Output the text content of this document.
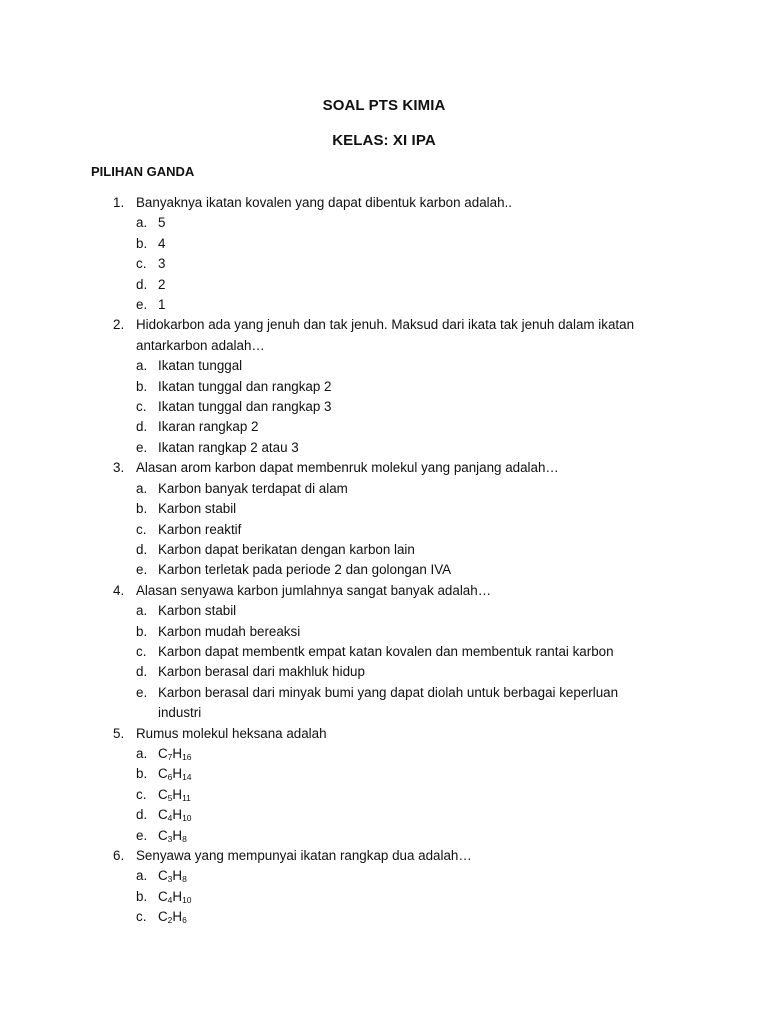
SOAL PTS KIMIA
KELAS: XI IPA
PILIHAN GANDA
1. Banyaknya ikatan kovalen yang dapat dibentuk karbon adalah..
a. 5
b. 4
c. 3
d. 2
e. 1
2. Hidokarbon ada yang jenuh dan tak jenuh. Maksud dari ikata tak jenuh dalam ikatan antarkarbon adalah…
a. Ikatan tunggal
b. Ikatan tunggal dan rangkap 2
c. Ikatan tunggal dan rangkap 3
d. Ikaran rangkap 2
e. Ikatan rangkap 2 atau 3
3. Alasan arom karbon dapat membenruk molekul yang panjang adalah…
a. Karbon banyak terdapat di alam
b. Karbon stabil
c. Karbon reaktif
d. Karbon dapat berikatan dengan karbon lain
e. Karbon terletak pada periode 2 dan golongan IVA
4. Alasan senyawa karbon jumlahnya sangat banyak adalah…
a. Karbon stabil
b. Karbon mudah bereaksi
c. Karbon dapat membentk empat katan kovalen dan membentuk rantai karbon
d. Karbon berasal dari makhluk hidup
e. Karbon berasal dari minyak bumi yang dapat diolah untuk berbagai keperluan industri
5. Rumus molekul heksana adalah
a. $C_7H_{16}$
b. $C_6H_{14}$
c. $C_5H_{11}$
d. $C_4H_{10}$
e. $C_3H_8$
6. Senyawa yang mempunyai ikatan rangkap dua adalah…
a. $C_3H_8$
b. $C_4H_{10}$
c. $C_2H_6$
